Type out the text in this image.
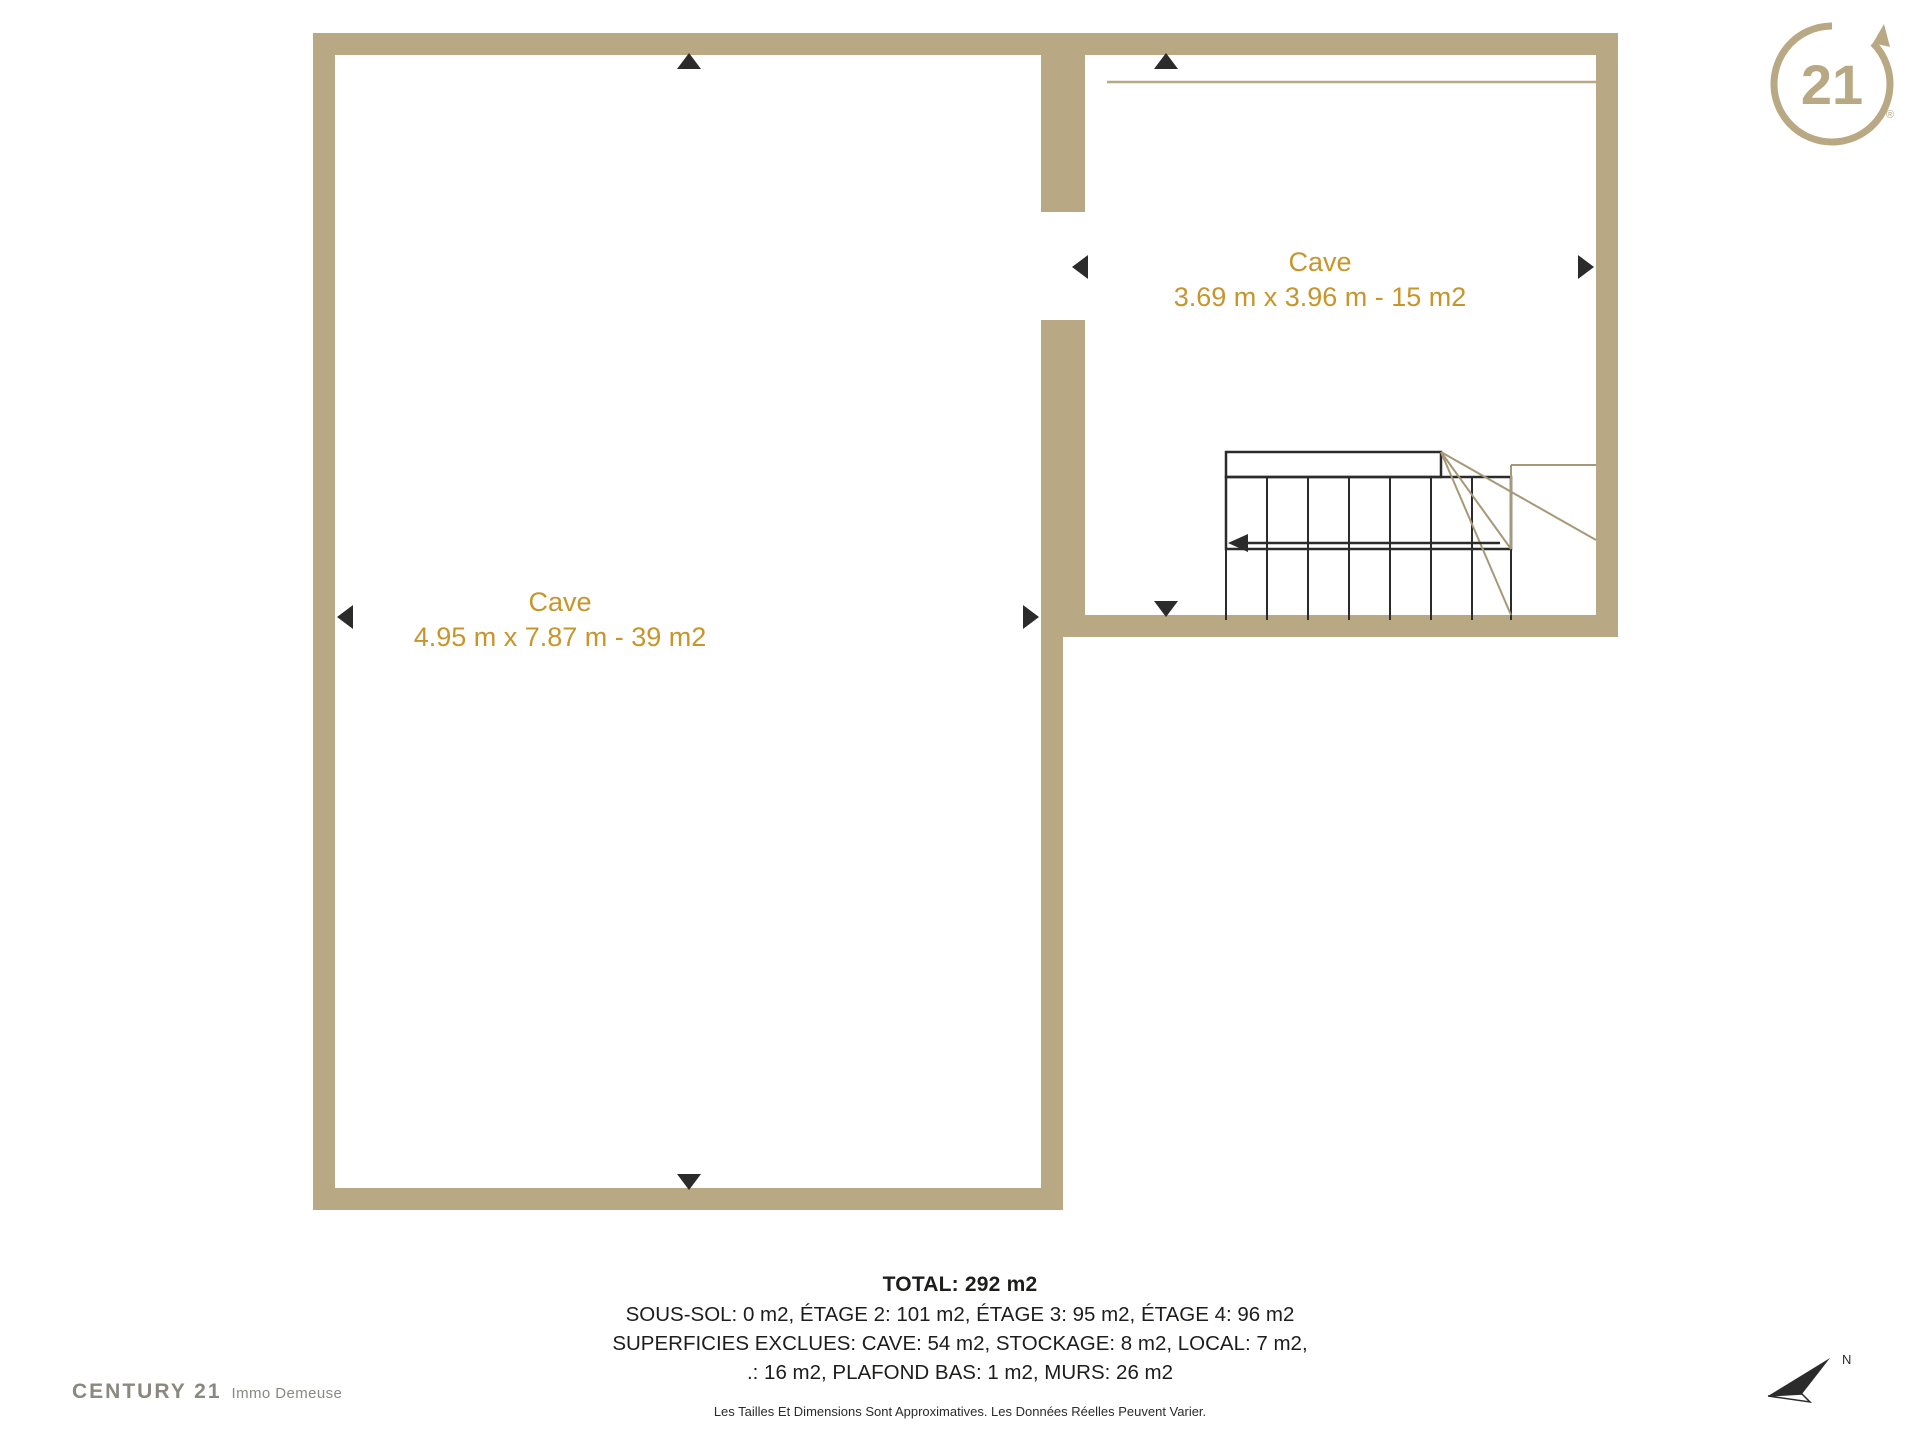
Cave
4.95 m x 7.87 m - 39 m2
Cave
3.69 m x 3.96 m - 15 m2
21 ®
TOTAL: 292 m2
SOUS-SOL: 0 m2, ÉTAGE 2: 101 m2, ÉTAGE 3: 95 m2, ÉTAGE 4: 96 m2
SUPERFICIES EXCLUES: CAVE: 54 m2, STOCKAGE: 8 m2, LOCAL: 7 m2,
.: 16 m2, PLAFOND BAS: 1 m2, MURS: 26 m2
Les Tailles Et Dimensions Sont Approximatives. Les Données Réelles Peuvent Varier.
CENTURY 21 Immo Demeuse
N
